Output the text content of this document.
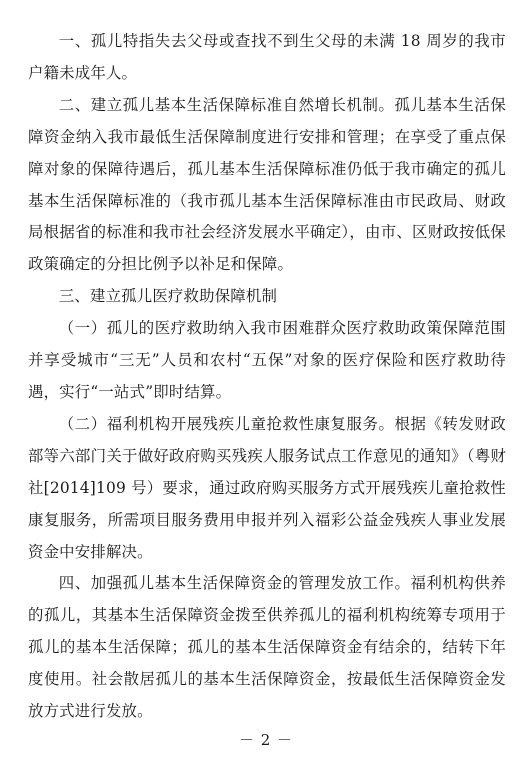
一、孤儿特指失去父母或查找不到生父母的未满 18 周岁的我市户籍未成年人。

二、建立孤儿基本生活保障标准自然增长机制。孤儿基本生活保障资金纳入我市最低生活保障制度进行安排和管理；在享受了重点保障对象的保障待遇后，孤儿基本生活保障标准仍低于我市确定的孤儿基本生活保障标准的（我市孤儿基本生活保障标准由市民政局、财政局根据省的标准和我市社会经济发展水平确定），由市、区财政按低保政策确定的分担比例予以补足和保障。

三、建立孤儿医疗救助保障机制

（一）孤儿的医疗救助纳入我市困难群众医疗救助政策保障范围并享受城市“三无”人员和农村“五保”对象的医疗保险和医疗救助待遇，实行“一站式”即时结算。

（二）福利机构开展残疾儿童抢救性康复服务。根据《转发财政部等六部门关于做好政府购买残疾人服务试点工作意见的通知》（粤财社[2014]109 号）要求，通过政府购买服务方式开展残疾儿童抢救性康复服务，所需项目服务费用申报并列入福彩公益金残疾人事业发展资金中安排解决。

四、加强孤儿基本生活保障资金的管理发放工作。福利机构供养的孤儿，其基本生活保障资金拨至供养孤儿的福利机构统筹专项用于孤儿的基本生活保障；孤儿的基本生活保障资金有结余的，结转下年度使用。社会散居孤儿的基本生活保障资金，按最低生活保障资金发放方式进行发放。

－ 2 －
